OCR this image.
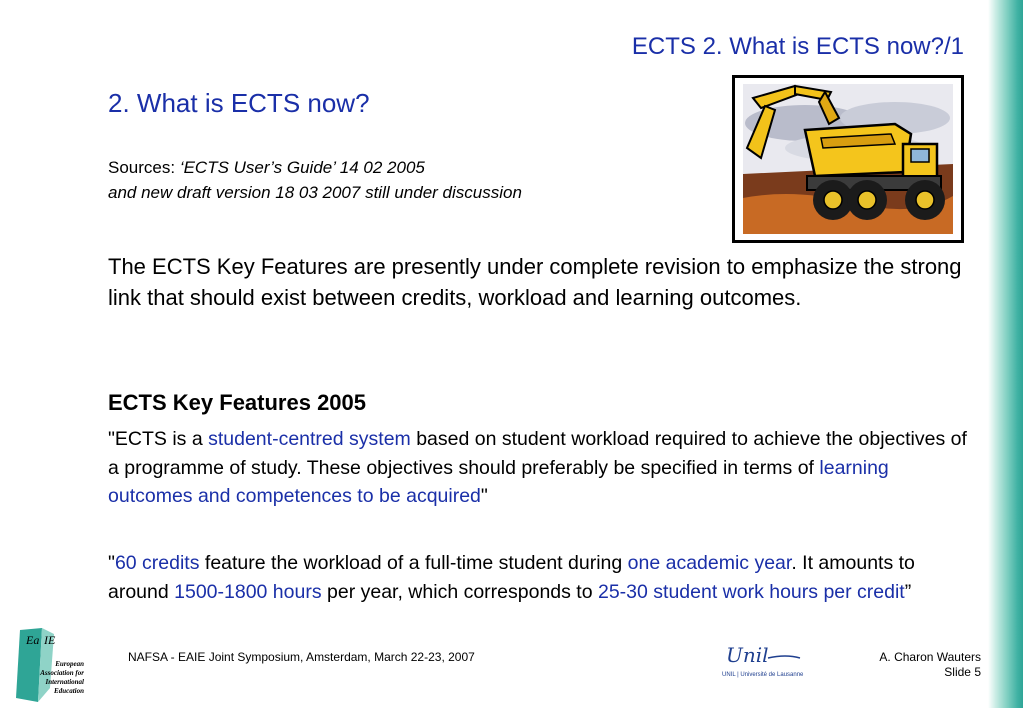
ECTS 2. What is ECTS now?/1
2. What is ECTS now?
Sources: ‘ECTS User’s Guide’ 14 02 2005
and new draft version 18 03 2007 still under discussion
The ECTS Key Features are presently under complete revision to emphasize the strong link that should exist between credits, workload and learning outcomes.
ECTS Key Features 2005
"ECTS is a student-centred system based on student workload required to achieve the objectives of a programme of study. These objectives should preferably be specified in terms of learning outcomes and competences to be acquired"
"60 credits feature the workload of a full-time student during one academic year. It amounts to around 1500-1800 hours per year, which corresponds to 25-30 student work hours per credit”
Ea IE
European
Association for
International
Education
NAFSA - EAIE Joint Symposium, Amsterdam, March 22-23, 2007	Unil
UNIL | Université de Lausanne
A. Charon Wauters
Slide 5
